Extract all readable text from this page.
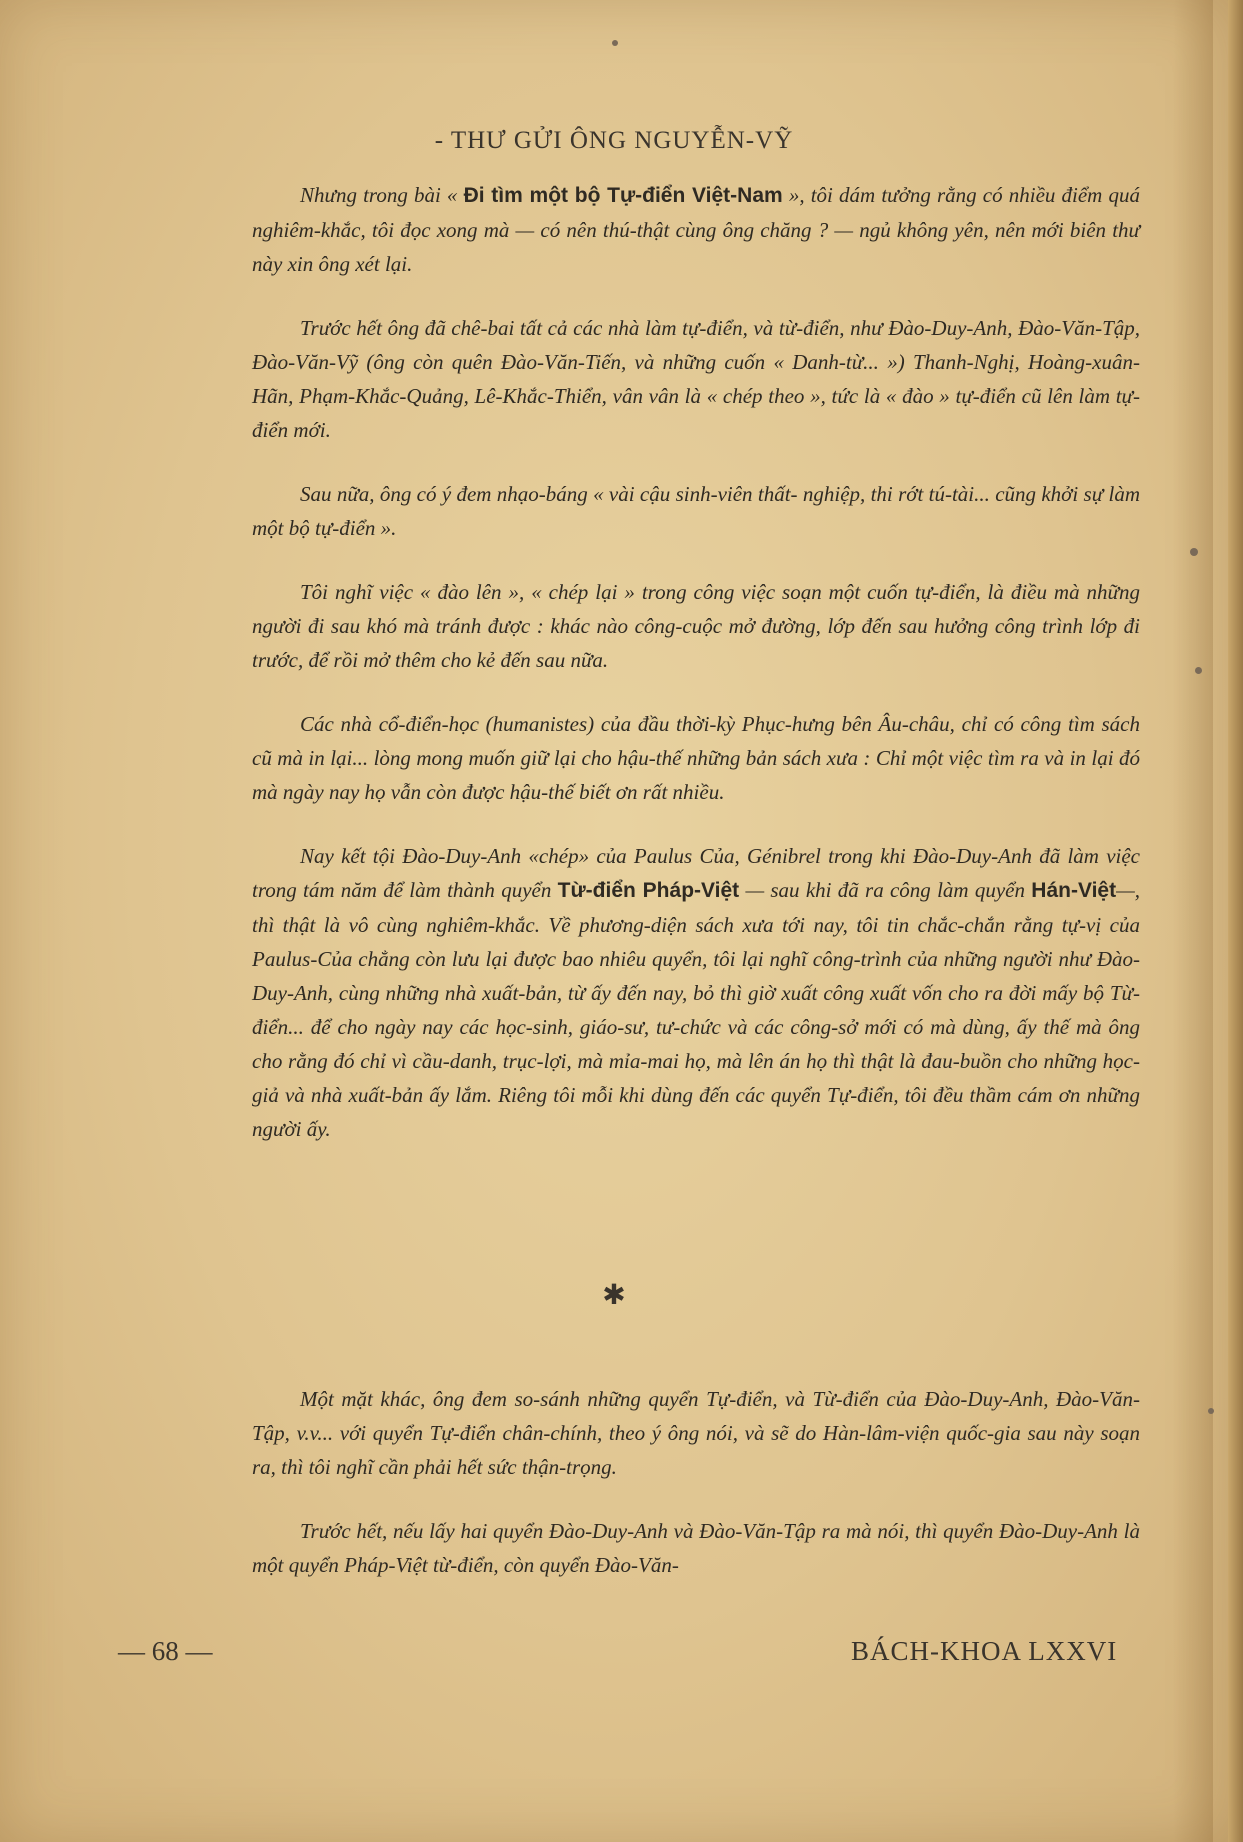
- THƯ GỬI ÔNG NGUYỄN-VỸ

Nhưng trong bài « Đi tìm một bộ Tự-điển Việt-Nam », tôi dám tưởng rằng có nhiều điểm quá nghiêm-khắc, tôi đọc xong mà — có nên thú-thật cùng ông chăng ? — ngủ không yên, nên mới biên thư này xin ông xét lại.

Trước hết ông đã chê-bai tất cả các nhà làm tự-điển, và từ-điển, như Đào-Duy-Anh, Đào-Văn-Tập, Đào-Văn-Vỹ (ông còn quên Đào-Văn-Tiến, và những cuốn « Danh-từ... ») Thanh-Nghị, Hoàng-xuân-Hãn, Phạm-Khắc-Quảng, Lê-Khắc-Thiển, vân vân là « chép theo », tức là « đào » tự-điển cũ lên làm tự-điển mới.

Sau nữa, ông có ý đem nhạo-báng « vài cậu sinh-viên thất- nghiệp, thi rớt tú-tài... cũng khởi sự làm một bộ tự-điển ».

Tôi nghĩ việc « đào lên », « chép lại » trong công việc soạn một cuốn tự-điển, là điều mà những người đi sau khó mà tránh được : khác nào công-cuộc mở đường, lớp đến sau hưởng công trình lớp đi trước, để rồi mở thêm cho kẻ đến sau nữa.

Các nhà cổ-điển-học (humanistes) của đầu thời-kỳ Phục-hưng bên Âu-châu, chỉ có công tìm sách cũ mà in lại... lòng mong muốn giữ lại cho hậu-thế những bản sách xưa : Chỉ một việc tìm ra và in lại đó mà ngày nay họ vẫn còn được hậu-thế biết ơn rất nhiều.

Nay kết tội Đào-Duy-Anh «chép» của Paulus Của, Génibrel trong khi Đào-Duy-Anh đã làm việc trong tám năm để làm thành quyển Từ-điển Pháp-Việt — sau khi đã ra công làm quyển Hán-Việt—, thì thật là vô cùng nghiêm-khắc. Về phương-diện sách xưa tới nay, tôi tin chắc-chắn rằng tự-vị của Paulus-Của chẳng còn lưu lại được bao nhiêu quyển, tôi lại nghĩ công-trình của những người như Đào-Duy-Anh, cùng những nhà xuất-bản, từ ấy đến nay, bỏ thì giờ xuất công xuất vốn cho ra đời mấy bộ Từ-điển... để cho ngày nay các học-sinh, giáo-sư, tư-chức và các công-sở mới có mà dùng, ấy thế mà ông cho rằng đó chỉ vì cầu-danh, trục-lợi, mà mỉa-mai họ, mà lên án họ thì thật là đau-buồn cho những học-giả và nhà xuất-bản ấy lắm. Riêng tôi mỗi khi dùng đến các quyển Tự-điển, tôi đều thầm cám ơn những người ấy.

✱

Một mặt khác, ông đem so-sánh những quyển Tự-điển, và Từ-điển của Đào-Duy-Anh, Đào-Văn-Tập, v.v... với quyển Tự-điển chân-chính, theo ý ông nói, và sẽ do Hàn-lâm-viện quốc-gia sau này soạn ra, thì tôi nghĩ cần phải hết sức thận-trọng.

Trước hết, nếu lấy hai quyển Đào-Duy-Anh và Đào-Văn-Tập ra mà nói, thì quyển Đào-Duy-Anh là một quyển Pháp-Việt từ-điển, còn quyển Đào-Văn-

— 68 —	BÁCH-KHOA LXXVI
